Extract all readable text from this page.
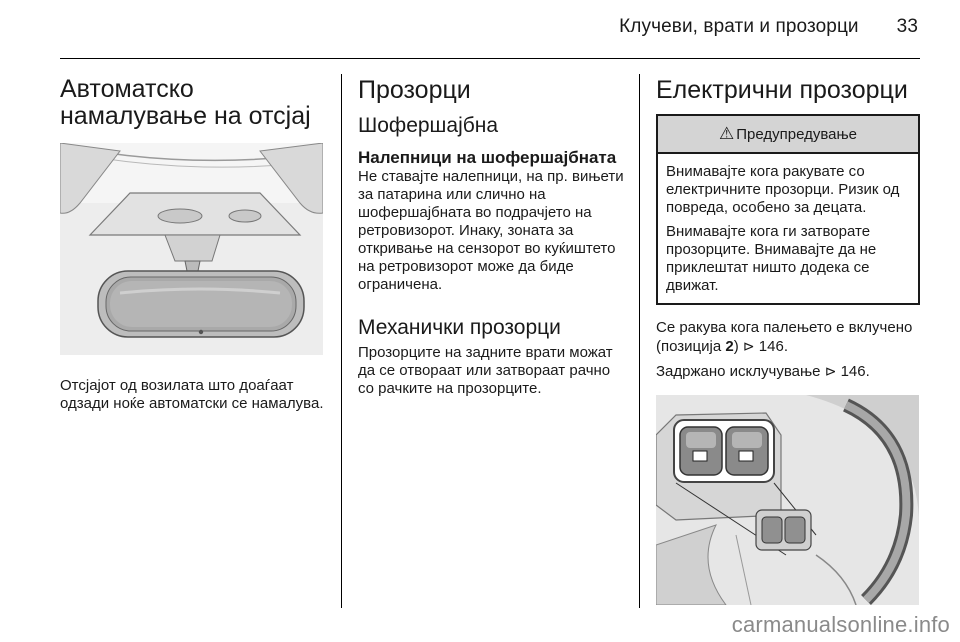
Клучеви, врати и прозорци 33
Автоматско намалување на отсјај

Отсјајот од возилата што доаѓаат одзади ноќе автоматски се намалува.

Прозорци
Шофершајбна
Налепници на шофершајбната

Не ставајте налепници, на пр. вињети за патарина или слично на шофершајбната во подрачјето на ретровизорот. Инаку, зоната за откривање на сензорот во куќиштето на ретровизорот може да биде ограничена.

Механички прозорци

Прозорците на задните врати можат да се отвораат или затвораат рачно со рачките на прозорците.

Електрични прозорци
⚠ Предупредување

Внимавајте кога ракувате со електричните прозорци. Ризик од повреда, особено за децата.

Внимавајте кога ги затворате прозорците. Внимавајте да не приклештат ништо додека се движат.

Се ракува кога палењето е вклучено (позиција 2) ⊳ 146.

Задржано исклучување ⊳ 146.

carmanualsonline.info
